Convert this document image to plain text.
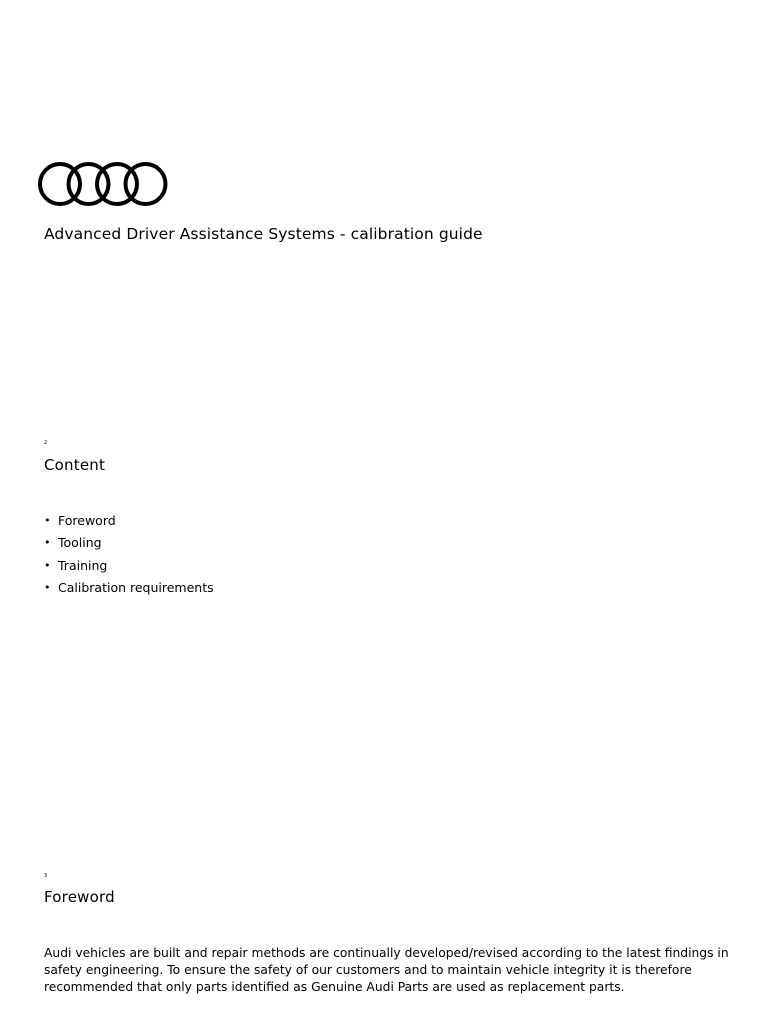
Advanced Driver Assistance Systems - calibration guide
2
Content
• Foreword
• Tooling
• Training
• Calibration requirements
3
Foreword

Audi vehicles are built and repair methods are continually developed/revised according to the latest findings in safety engineering. To ensure the safety of our customers and to maintain vehicle integrity it is therefore recommended that only parts identified as Genuine Audi Parts are used as replacement parts.
